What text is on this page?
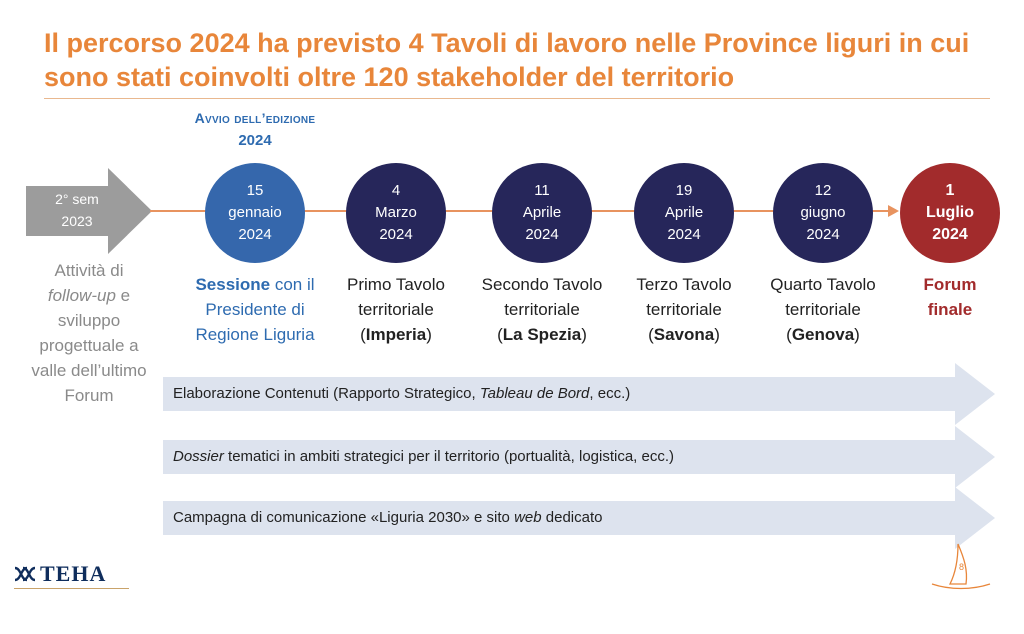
Il percorso 2024 ha previsto 4 Tavoli di lavoro nelle Province liguri in cui
sono stati coinvolti oltre 120 stakeholder del territorio
Avvio dell’edizione
2024
2° sem
2023
Attività di
follow-up e
sviluppo
progettuale a
valle dell’ultimo
Forum
15
gennaio
2024
Sessione con il
Presidente di
Regione Liguria
4
Marzo
2024
Primo Tavolo
territoriale
(Imperia)
11
Aprile
2024
Secondo Tavolo
territoriale
(La Spezia)
19
Aprile
2024
Terzo Tavolo
territoriale
(Savona)
12
giugno
2024
Quarto Tavolo
territoriale
(Genova)
1
Luglio
2024
Forum
finale
Elaborazione Contenuti (Rapporto Strategico, Tableau de Bord, ecc.)
Dossier tematici in ambiti strategici per il territorio (portualità, logistica, ecc.)
Campagna di comunicazione «Liguria 2030» e sito web dedicato
TEHA	8
